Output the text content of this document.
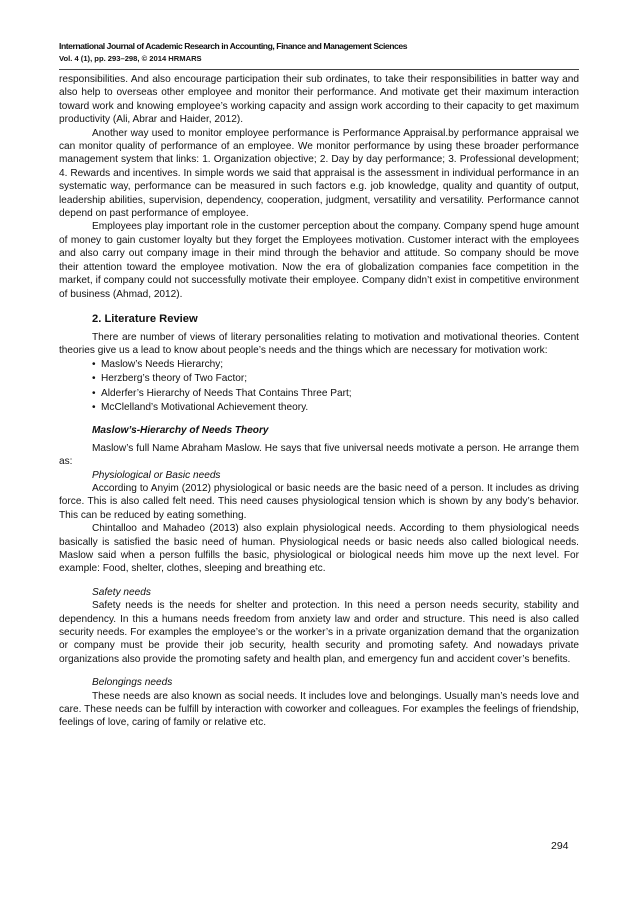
International Journal of Academic Research in Accounting, Finance and Management Sciences
Vol. 4 (1), pp. 293–298, © 2014 HRMARS

responsibilities. And also encourage participation their sub ordinates, to take their responsibilities in batter way and also help to overseas other employee and monitor their performance. And motivate get their maximum interaction toward work and knowing employee’s working capacity and assign work according to their capacity to get maximum productivity (Ali, Abrar and Haider, 2012).

Another way used to monitor employee performance is Performance Appraisal.by performance appraisal we can monitor quality of performance of an employee. We monitor performance by using these broader performance management system that links: 1. Organization objective; 2. Day by day performance; 3. Professional development; 4. Rewards and incentives. In simple words we said that appraisal is the assessment in individual performance in an systematic way, performance can be measured in such factors e.g. job knowledge, quality and quantity of output, leadership abilities, supervision, dependency, cooperation, judgment, versatility and versatility. Performance cannot depend on past performance of employee.

Employees play important role in the customer perception about the company. Company spend huge amount of money to gain customer loyalty but they forget the Employees motivation. Customer interact with the employees and also carry out company image in their mind through the behavior and attitude. So company should be move their attention toward the employee motivation. Now the era of globalization companies face competition in the market, if company could not successfully motivate their employee. Company didn’t exist in competitive environment of business (Ahmad, 2012).

2. Literature Review

There are number of views of literary personalities relating to motivation and motivational theories. Content theories give us a lead to know about people’s needs and the things which are necessary for motivation work:

• Maslow’s Needs Hierarchy;
• Herzberg’s theory of Two Factor;
• Alderfer’s Hierarchy of Needs That Contains Three Part;
• McClelland’s Motivational Achievement theory.
Maslow’s-Hierarchy of Needs Theory

Maslow’s full Name Abraham Maslow. He says that five universal needs motivate a person. He arrange them as:

Physiological or Basic needs

According to Anyim (2012) physiological or basic needs are the basic need of a person. It includes as driving force. This is also called felt need. This need causes physiological tension which is shown by any body’s behavior. This can be reduced by eating something.

Chintalloo and Mahadeo (2013) also explain physiological needs. According to them physiological needs basically is satisfied the basic need of human. Physiological needs or basic needs also called biological needs. Maslow said when a person fulfills the basic, physiological or biological needs him move up the next level. For example: Food, shelter, clothes, sleeping and breathing etc.

Safety needs

Safety needs is the needs for shelter and protection. In this need a person needs security, stability and dependency. In this a humans needs freedom from anxiety law and order and structure. This need is also called security needs. For examples the employee’s or the worker’s in a private organization demand that the organization or company must be provide their job security, health security and promoting safety. And nowadays private organizations also provide the promoting safety and health plan, and emergency fun and accident cover’s benefits.

Belongings needs

These needs are also known as social needs. It includes love and belongings. Usually man’s needs love and care. These needs can be fulfill by interaction with coworker and colleagues. For examples the feelings of friendship, feelings of love, caring of family or relative etc.

294
